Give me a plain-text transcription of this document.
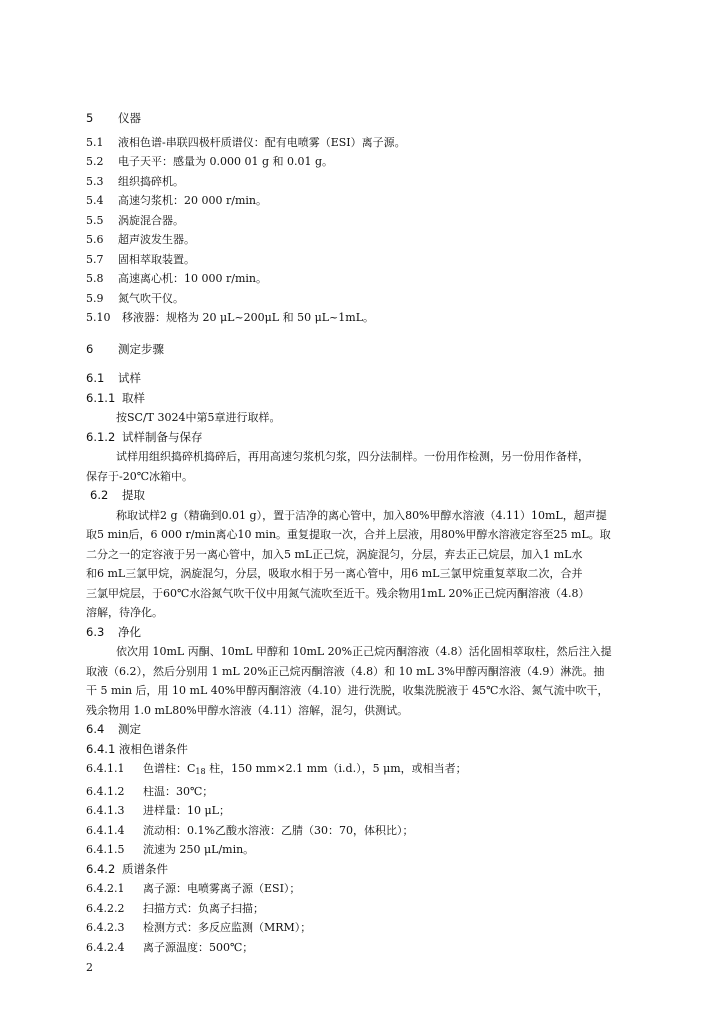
5 仪器
5.1 液相色谱-串联四极杆质谱仪：配有电喷雾（ESI）离子源。
5.2 电子天平：感量为 0.000 01 g 和 0.01 g。
5.3 组织捣碎机。
5.4 高速匀浆机：20 000 r/min。
5.5 涡旋混合器。
5.6 超声波发生器。
5.7 固相萃取装置。
5.8 高速离心机：10 000 r/min。
5.9 氮气吹干仪。
5.10 移液器：规格为 20 μL~200μL 和 50 μL~1mL。
6 测定步骤
6.1 试样
6.1.1 取样
按SC/T 3024中第5章进行取样。
6.1.2 试样制备与保存
试样用组织捣碎机捣碎后，再用高速匀浆机匀浆，四分法制样。一份用作检测，另一份用作备样，
保存于-20℃冰箱中。
6.2 提取
称取试样2 g（精确到0.01 g），置于洁净的离心管中，加入80%甲醇水溶液（4.11）10mL，超声提
取5 min后，6 000 r/min离心10 min。重复提取一次，合并上层液，用80%甲醇水溶液定容至25 mL。取
二分之一的定容液于另一离心管中，加入5 mL正己烷，涡旋混匀，分层，弃去正己烷层，加入1 mL水
和6 mL三氯甲烷，涡旋混匀，分层，吸取水相于另一离心管中，用6 mL三氯甲烷重复萃取二次，合并
三氯甲烷层，于60℃水浴氮气吹干仪中用氮气流吹至近干。残余物用1mL 20%正己烷丙酮溶液（4.8）
溶解，待净化。
6.3 净化
依次用 10mL 丙酮、10mL 甲醇和 10mL 20%正己烷丙酮溶液（4.8）活化固相萃取柱，然后注入提
取液（6.2），然后分别用 1 mL 20%正己烷丙酮溶液（4.8）和 10 mL 3%甲醇丙酮溶液（4.9）淋洗。抽
干 5 min 后，用 10 mL 40%甲醇丙酮溶液（4.10）进行洗脱，收集洗脱液于 45℃水浴、氮气流中吹干，
残余物用 1.0 mL80%甲醇水溶液（4.11）溶解，混匀，供测试。
6.4 测定
6.4.1 液相色谱条件
6.4.1.1 色谱柱：$C_{18}$ 柱，150 mm×2.1 mm（i.d.），5 μm，或相当者；
6.4.1.2 柱温：30℃；
6.4.1.3 进样量：10 μL；
6.4.1.4 流动相：0.1%乙酸水溶液：乙腈（30：70，体积比）；
6.4.1.5 流速为 250 μL/min。
6.4.2 质谱条件
6.4.2.1 离子源：电喷雾离子源（ESI）；
6.4.2.2 扫描方式：负离子扫描；
6.4.2.3 检测方式：多反应监测（MRM）；
6.4.2.4 离子源温度：500℃；
2
